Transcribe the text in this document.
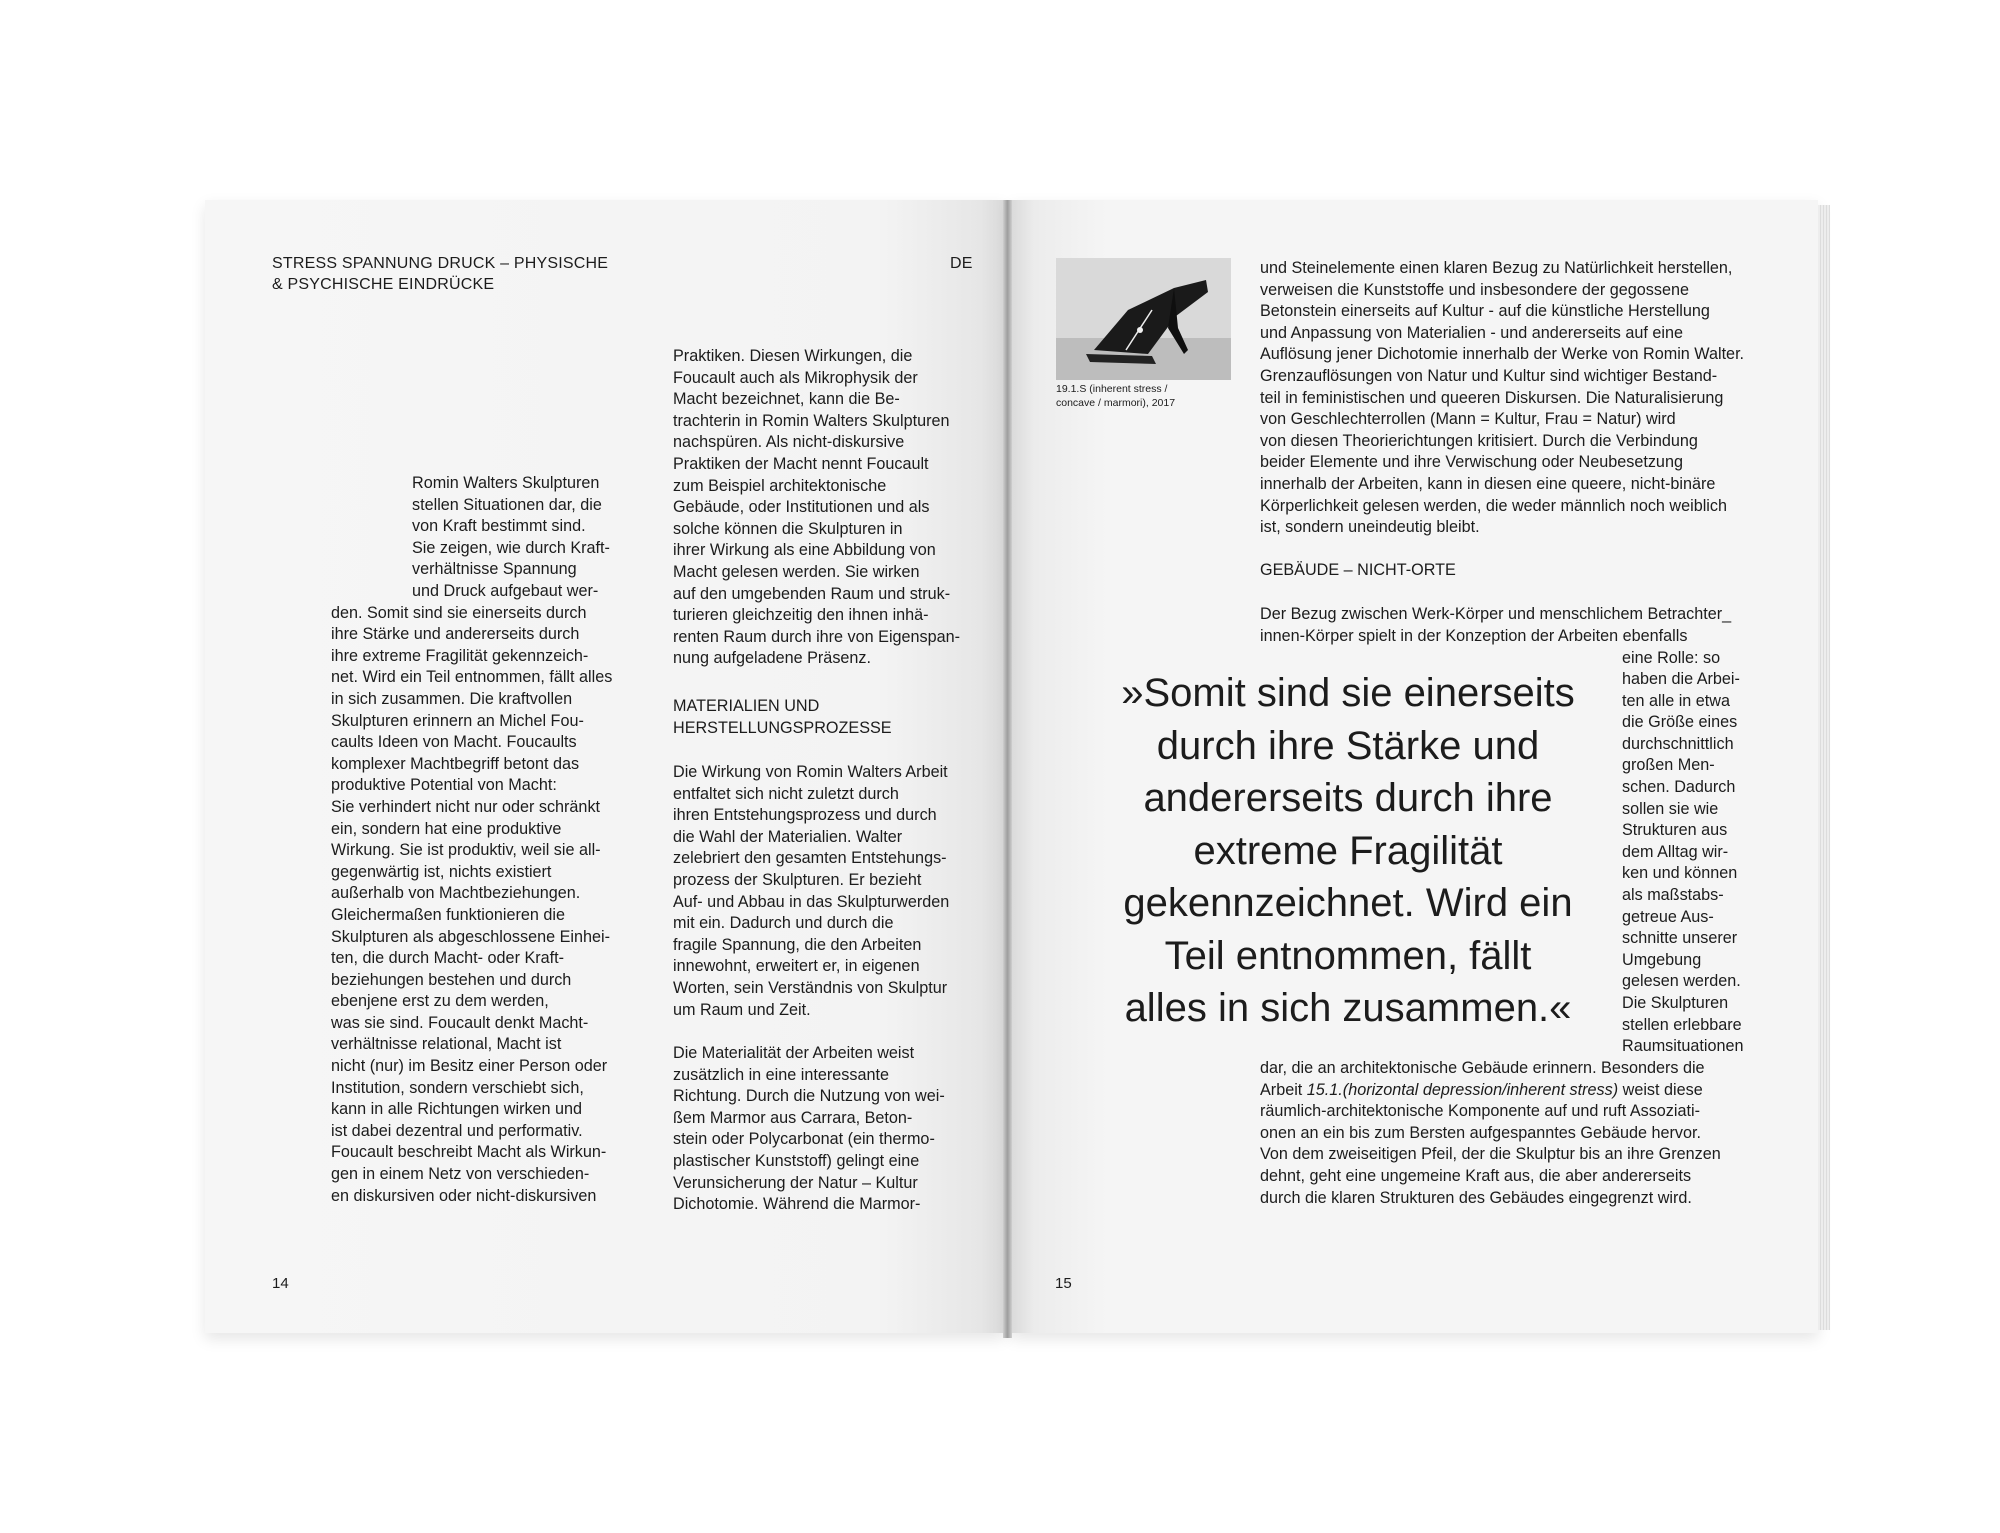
STRESS SPANNUNG DRUCK – PHYSISCHE

& PSYCHISCHE EINDRÜCKE

DE

Romin Walters Skulpturen

stellen Situationen dar, die

von Kraft bestimmt sind.

Sie zeigen, wie durch Kraft-

verhältnisse Spannung

und Druck aufgebaut wer-

den. Somit sind sie einerseits durch

ihre Stärke und andererseits durch

ihre extreme Fragilität gekennzeich-

net. Wird ein Teil entnommen, fällt alles

in sich zusammen. Die kraftvollen

Skulpturen erinnern an Michel Fou-

caults Ideen von Macht. Foucaults

komplexer Machtbegriff betont das

produktive Potential von Macht:

Sie verhindert nicht nur oder schränkt

ein, sondern hat eine produktive

Wirkung. Sie ist produktiv, weil sie all-

gegenwärtig ist, nichts existiert

außerhalb von Machtbeziehungen.

Gleichermaßen funktionieren die

Skulpturen als abgeschlossene Einhei-

ten, die durch Macht- oder Kraft-

beziehungen bestehen und durch

ebenjene erst zu dem werden,

was sie sind. Foucault denkt Macht-

verhältnisse relational, Macht ist

nicht (nur) im Besitz einer Person oder

Institution, sondern verschiebt sich,

kann in alle Richtungen wirken und

ist dabei dezentral und performativ.

Foucault beschreibt Macht als Wirkun-

gen in einem Netz von verschieden-

en diskursiven oder nicht-diskursiven

Praktiken. Diesen Wirkungen, die

Foucault auch als Mikrophysik der

Macht bezeichnet, kann die Be-

trachterin in Romin Walters Skulpturen

nachspüren. Als nicht-diskursive

Praktiken der Macht nennt Foucault

zum Beispiel architektonische

Gebäude, oder Institutionen und als

solche können die Skulpturen in

ihrer Wirkung als eine Abbildung von

Macht gelesen werden. Sie wirken

auf den umgebenden Raum und struk-

turieren gleichzeitig den ihnen inhä-

renten Raum durch ihre von Eigenspan-

nung aufgeladene Präsenz.

MATERIALIEN UND

HERSTELLUNGSPROZESSE

Die Wirkung von Romin Walters Arbeit

entfaltet sich nicht zuletzt durch

ihren Entstehungsprozess und durch

die Wahl der Materialien. Walter

zelebriert den gesamten Entstehungs-

prozess der Skulpturen. Er bezieht

Auf- und Abbau in das Skulpturwerden

mit ein. Dadurch und durch die

fragile Spannung, die den Arbeiten

innewohnt, erweitert er, in eigenen

Worten, sein Verständnis von Skulptur

um Raum und Zeit.

Die Materialität der Arbeiten weist

zusätzlich in eine interessante

Richtung. Durch die Nutzung von wei-

ßem Marmor aus Carrara, Beton-

stein oder Polycarbonat (ein thermo-

plastischer Kunststoff) gelingt eine

Verunsicherung der Natur – Kultur

Dichotomie. Während die Marmor-

14

19.1.S (inherent stress /

concave / marmori), 2017

und Steinelemente einen klaren Bezug zu Natürlichkeit herstellen,

verweisen die Kunststoffe und insbesondere der gegossene

Betonstein einerseits auf Kultur - auf die künstliche Herstellung

und Anpassung von Materialien - und andererseits auf eine

Auflösung jener Dichotomie innerhalb der Werke von Romin Walter.

Grenzauflösungen von Natur und Kultur sind wichtiger Bestand-

teil in feministischen und queeren Diskursen. Die Naturalisierung

von Geschlechterrollen (Mann = Kultur, Frau = Natur) wird

von diesen Theorierichtungen kritisiert. Durch die Verbindung

beider Elemente und ihre Verwischung oder Neubesetzung

innerhalb der Arbeiten, kann in diesen eine queere, nicht-binäre

Körperlichkeit gelesen werden, die weder männlich noch weiblich

ist, sondern uneindeutig bleibt.

GEBÄUDE – NICHT-ORTE

Der Bezug zwischen Werk-Körper und menschlichem Betrachter_

innen-Körper spielt in der Konzeption der Arbeiten ebenfalls

eine Rolle: so

haben die Arbei-

ten alle in etwa

die Größe eines

durchschnittlich

großen Men-

schen. Dadurch

sollen sie wie

Strukturen aus

dem Alltag wir-

ken und können

als maßstabs-

getreue Aus-

schnitte unserer

Umgebung

gelesen werden.

Die Skulpturen

stellen erlebbare

Raumsituationen

dar, die an architektonische Gebäude erinnern. Besonders die

Arbeit 15.1.(horizontal depression/inherent stress) weist diese

räumlich-architektonische Komponente auf und ruft Assoziati-

onen an ein bis zum Bersten aufgespanntes Gebäude hervor.

Von dem zweiseitigen Pfeil, der die Skulptur bis an ihre Grenzen

dehnt, geht eine ungemeine Kraft aus, die aber andererseits

durch die klaren Strukturen des Gebäudes eingegrenzt wird.

»Somit sind sie einerseits
durch ihre Stärke und
andererseits durch ihre
extreme Fragilität
gekennzeichnet. Wird ein
Teil entnommen, fällt
alles in sich zusammen.«
15
